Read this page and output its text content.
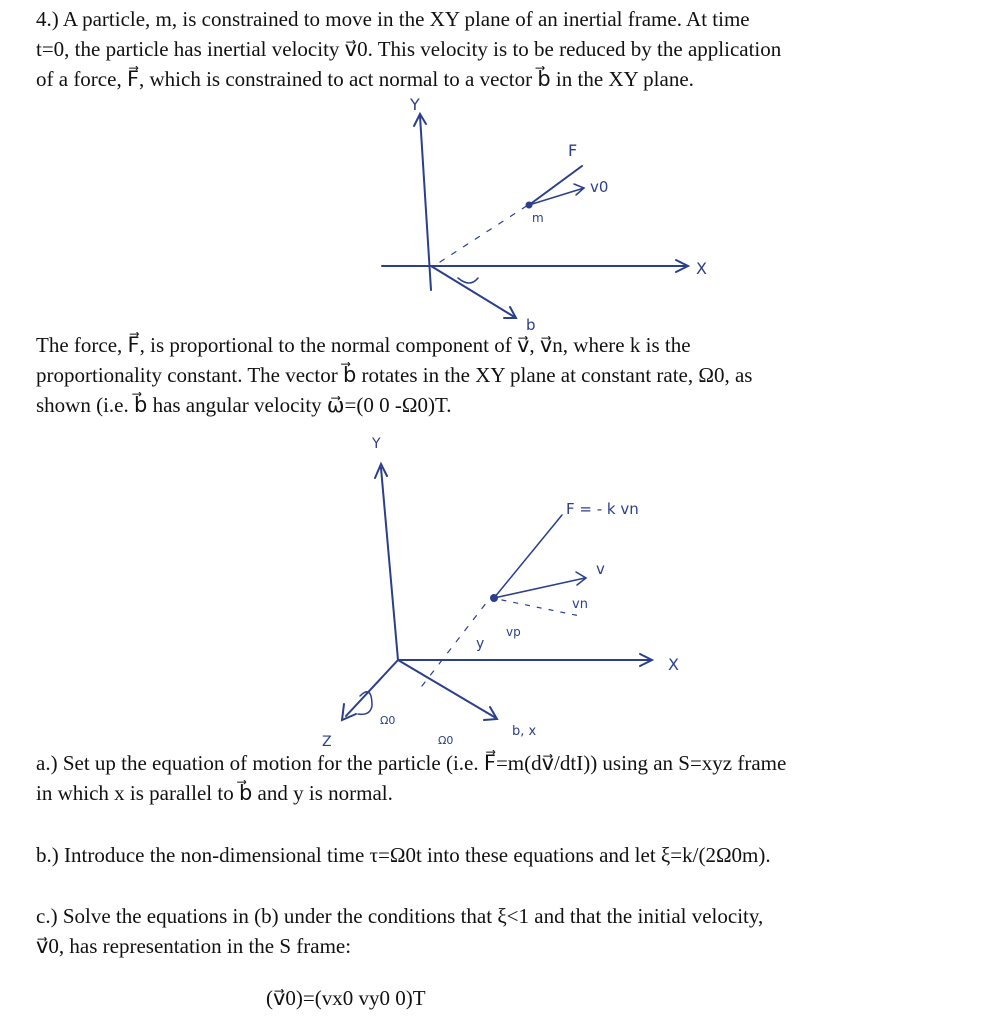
4.) A particle, m, is constrained to move in the XY plane of an inertial frame. At time
t=0, the particle has inertial velocity v⃗0. This velocity is to be reduced by the application
of a force, F⃗, which is constrained to act normal to a vector b⃗ in the XY plane.
Y
X
b
m
F
v0
The force, F⃗, is proportional to the normal component of v⃗, v⃗n, where k is the
proportionality constant. The vector b⃗ rotates in the XY plane at constant rate, Ω0, as
shown (i.e. b⃗ has angular velocity ω⃗=(0 0 -Ω0)T.
Y
X
Z
Ω0
b, x
Ω0
y
F = - k vn
v
vn
vp
a.) Set up the equation of motion for the particle (i.e. F⃗=m(dv⃗/dtI)) using an S=xyz frame
in which x is parallel to b⃗ and y is normal.
b.) Introduce the non-dimensional time τ=Ω0t into these equations and let ξ=k/(2Ω0m).
c.) Solve the equations in (b) under the conditions that ξ<1 and that the initial velocity,
v⃗0, has representation in the S frame:
(v⃗0)=(vx0 vy0 0)T
